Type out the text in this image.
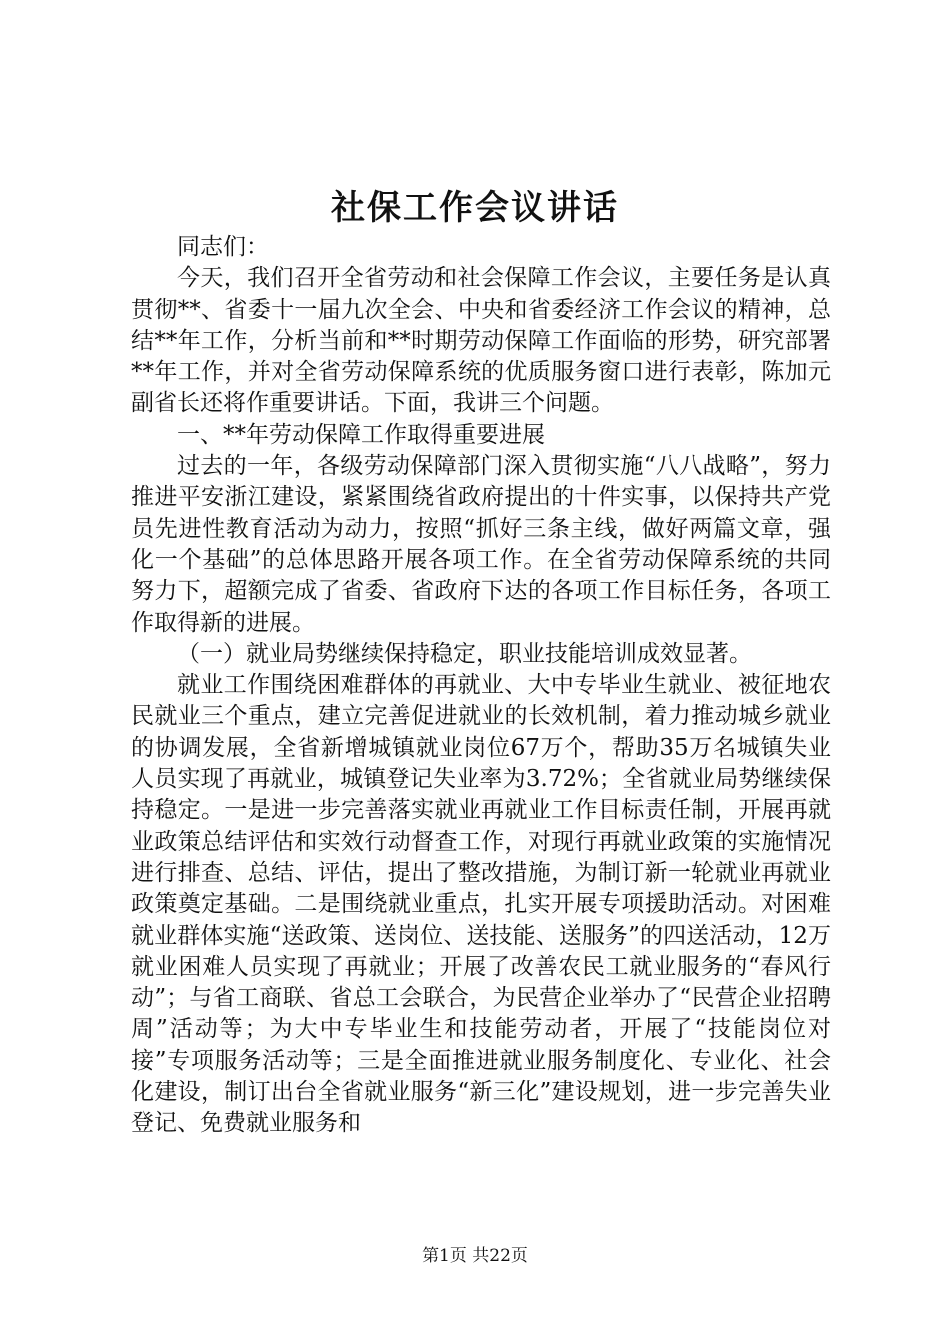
社保工作会议讲话

同志们：

今天，我们召开全省劳动和社会保障工作会议，主要任务是认真贯彻**、省委十一届九次全会、中央和省委经济工作会议的精神，总结**年工作，分析当前和**时期劳动保障工作面临的形势，研究部署**年工作，并对全省劳动保障系统的优质服务窗口进行表彰，陈加元副省长还将作重要讲话。下面，我讲三个问题。

一、**年劳动保障工作取得重要进展

过去的一年，各级劳动保障部门深入贯彻实施“八八战略”，努力推进平安浙江建设，紧紧围绕省政府提出的十件实事，以保持共产党员先进性教育活动为动力，按照“抓好三条主线，做好两篇文章，强化一个基础”的总体思路开展各项工作。在全省劳动保障系统的共同努力下，超额完成了省委、省政府下达的各项工作目标任务，各项工作取得新的进展。

（一）就业局势继续保持稳定，职业技能培训成效显著。

就业工作围绕困难群体的再就业、大中专毕业生就业、被征地农民就业三个重点，建立完善促进就业的长效机制，着力推动城乡就业的协调发展，全省新增城镇就业岗位67万个，帮助35万名城镇失业人员实现了再就业，城镇登记失业率为3.72%；全省就业局势继续保持稳定。一是进一步完善落实就业再就业工作目标责任制，开展再就业政策总结评估和实效行动督查工作，对现行再就业政策的实施情况进行排查、总结、评估，提出了整改措施，为制订新一轮就业再就业政策奠定基础。二是围绕就业重点，扎实开展专项援助活动。对困难就业群体实施“送政策、送岗位、送技能、送服务”的四送活动，12万就业困难人员实现了再就业；开展了改善农民工就业服务的“春风行动”；与省工商联、省总工会联合，为民营企业举办了“民营企业招聘周”活动等；为大中专毕业生和技能劳动者，开展了“技能岗位对接”专项服务活动等；三是全面推进就业服务制度化、专业化、社会化建设，制订出台全省就业服务“新三化”建设规划，进一步完善失业登记、免费就业服务和

第1页 共22页
